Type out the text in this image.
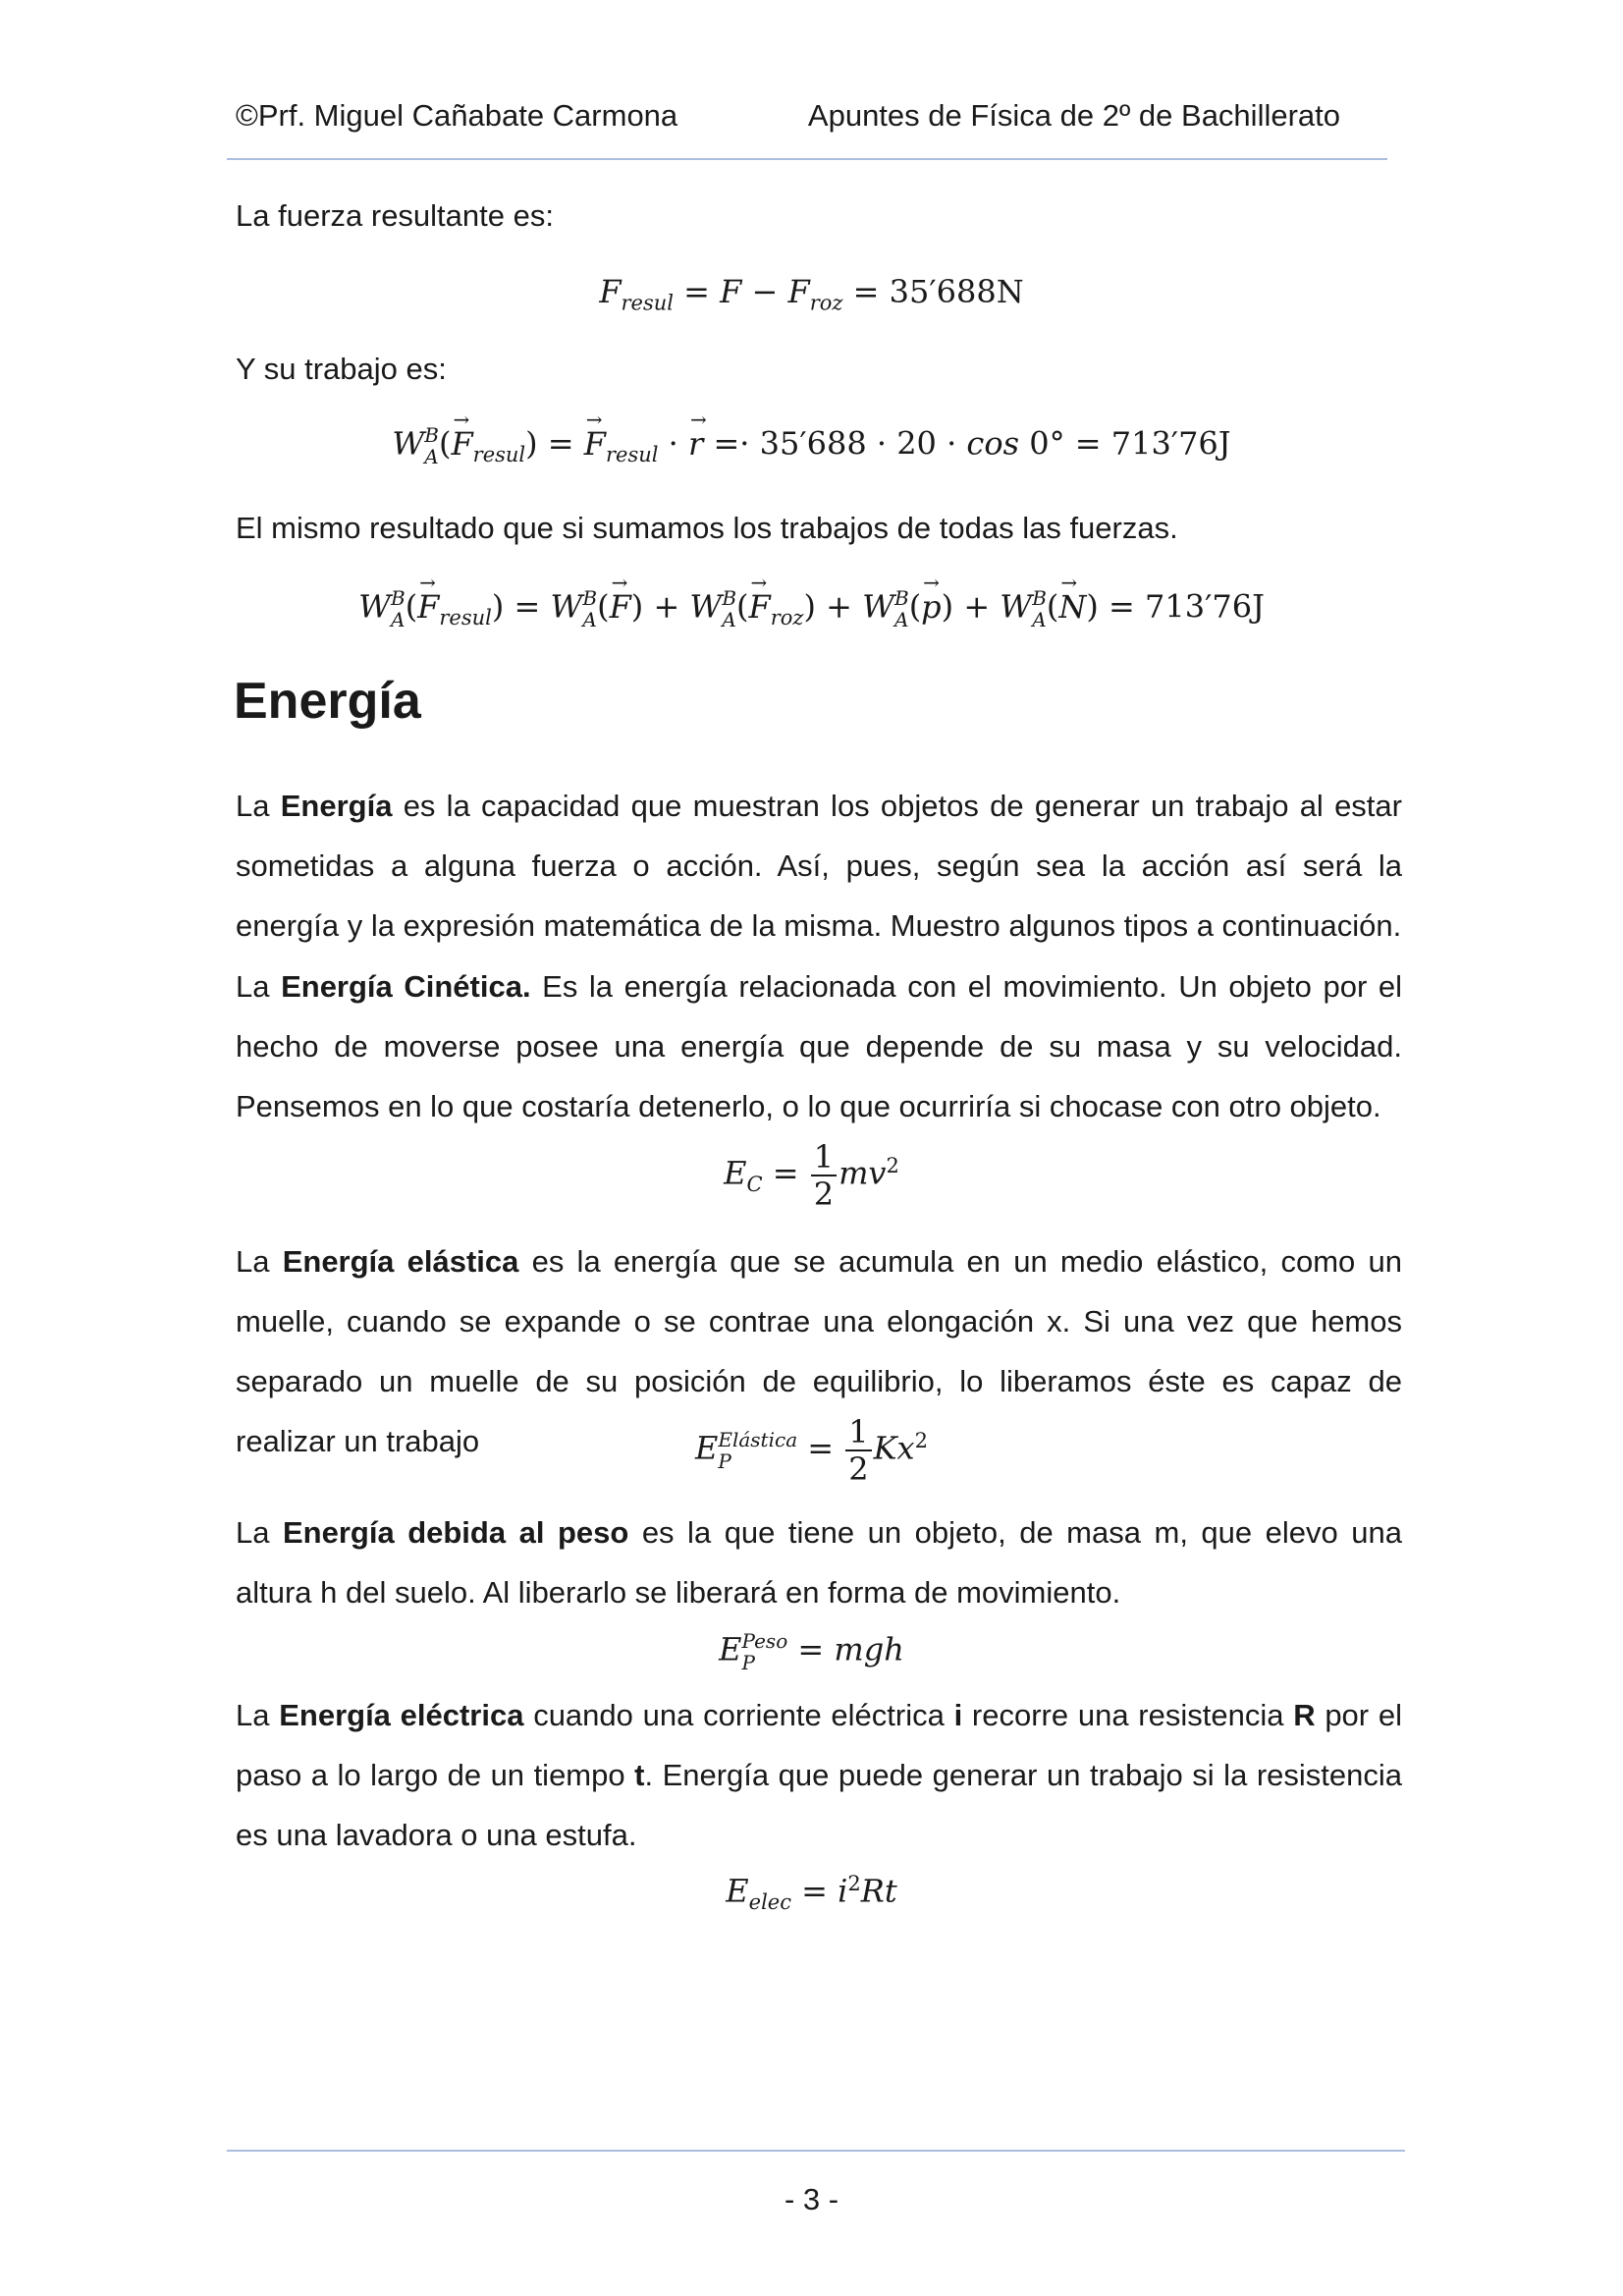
©Prf. Miguel Cañabate Carmona	Apuntes de Física de 2º de Bachillerato
La fuerza resultante es:
$F_{resul} = F - F_{roz} = 35'688N$
Y su trabajo es:
W B
A (→ $F_{resul}$) = → $F_{resul}$ · → r =· 35′688 · 20 · cos 0° = 713′76J
El mismo resultado que si sumamos los trabajos de todas las fuerzas.
W B
A (→ $F_{resul}) = W$ B
A (→ F) + W B
A (→ $F_{roz}) + W$ B
A (→ p) + W B
A (→ N) = 713′76J
Energía
La Energía es la capacidad que muestran los objetos de generar un trabajo al estar sometidas a alguna fuerza o acción. Así, pues, según sea la acción así será la energía y la expresión matemática de la misma. Muestro algunos tipos a continuación.
La Energía Cinética. Es la energía relacionada con el movimiento. Un objeto por el hecho de moverse posee una energía que depende de su masa y su velocidad. Pensemos en lo que costaría detenerlo, o lo que ocurriría si chocase con otro objeto.
$E_C = \frac{1}{2} mv^2$
La Energía elástica es la energía que se acumula en un medio elástico, como un muelle, cuando se expande o se contrae una elongación x. Si una vez que hemos separado un muelle de su posición de equilibrio, lo liberamos éste es capaz de realizar un trabajo	E Elástica
P	= $\frac{1}{2} Kx^2$
La Energía debida al peso es la que tiene un objeto, de masa m, que elevo una altura h del suelo. Al liberarlo se liberará en forma de movimiento.
E Peso
P	= mgh
La Energía eléctrica cuando una corriente eléctrica i recorre una resistencia R por el paso a lo largo de un tiempo t. Energía que puede generar un trabajo si la resistencia es una lavadora o una estufa.
$E_{elec} = i^2Rt$
- 3 -
